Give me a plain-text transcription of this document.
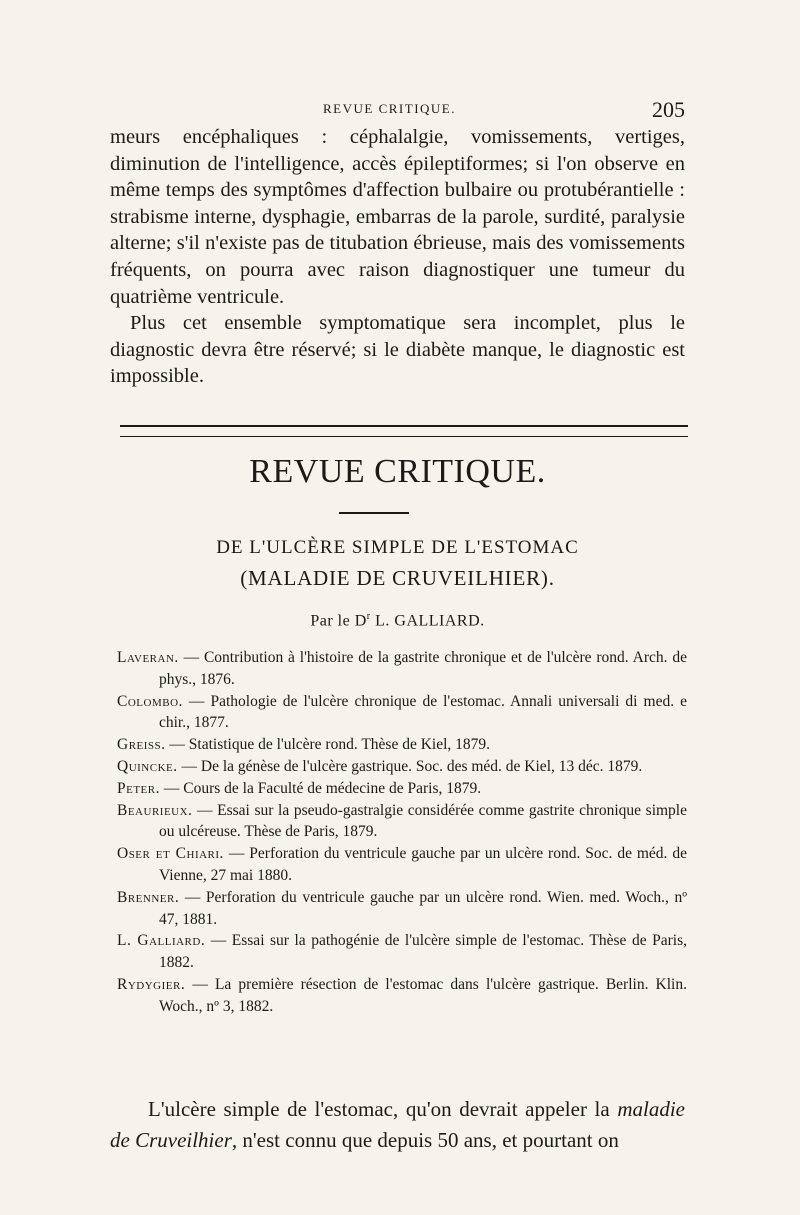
REVUE CRITIQUE.	205

meurs encéphaliques : céphalalgie, vomissements, vertiges, diminution de l'intelligence, accès épileptiformes; si l'on observe en même temps des symptômes d'affection bulbaire ou protubérantielle : strabisme interne, dysphagie, embarras de la parole, surdité, paralysie alterne; s'il n'existe pas de titubation ébrieuse, mais des vomissements fréquents, on pourra avec raison diagnostiquer une tumeur du quatrième ventricule.

Plus cet ensemble symptomatique sera incomplet, plus le diagnostic devra être réservé; si le diabète manque, le diagnostic est impossible.

REVUE CRITIQUE.
DE L'ULCÈRE SIMPLE DE L'ESTOMAC
(MALADIE DE CRUVEILHIER).
Par le $D^r$ L. GALLIARD.

Laveran. — Contribution à l'histoire de la gastrite chronique et de l'ulcère rond. Arch. de phys., 1876.

Colombo. — Pathologie de l'ulcère chronique de l'estomac. Annali universali di med. e chir., 1877.

Greiss. — Statistique de l'ulcère rond. Thèse de Kiel, 1879.

Quincke. — De la génèse de l'ulcère gastrique. Soc. des méd. de Kiel, 13 déc. 1879.

Peter. — Cours de la Faculté de médecine de Paris, 1879.

Beaurieux. — Essai sur la pseudo-gastralgie considérée comme gastrite chronique simple ou ulcéreuse. Thèse de Paris, 1879.

Oser et Chiari. — Perforation du ventricule gauche par un ulcère rond. Soc. de méd. de Vienne, 27 mai 1880.

Brenner. — Perforation du ventricule gauche par un ulcère rond. Wien. med. Woch., nº 47, 1881.

L. Galliard. — Essai sur la pathogénie de l'ulcère simple de l'estomac. Thèse de Paris, 1882.

Rydygier. — La première résection de l'estomac dans l'ulcère gastrique. Berlin. Klin. Woch., nº 3, 1882.

L'ulcère simple de l'estomac, qu'on devrait appeler la maladie de Cruveilhier, n'est connu que depuis 50 ans, et pourtant on
